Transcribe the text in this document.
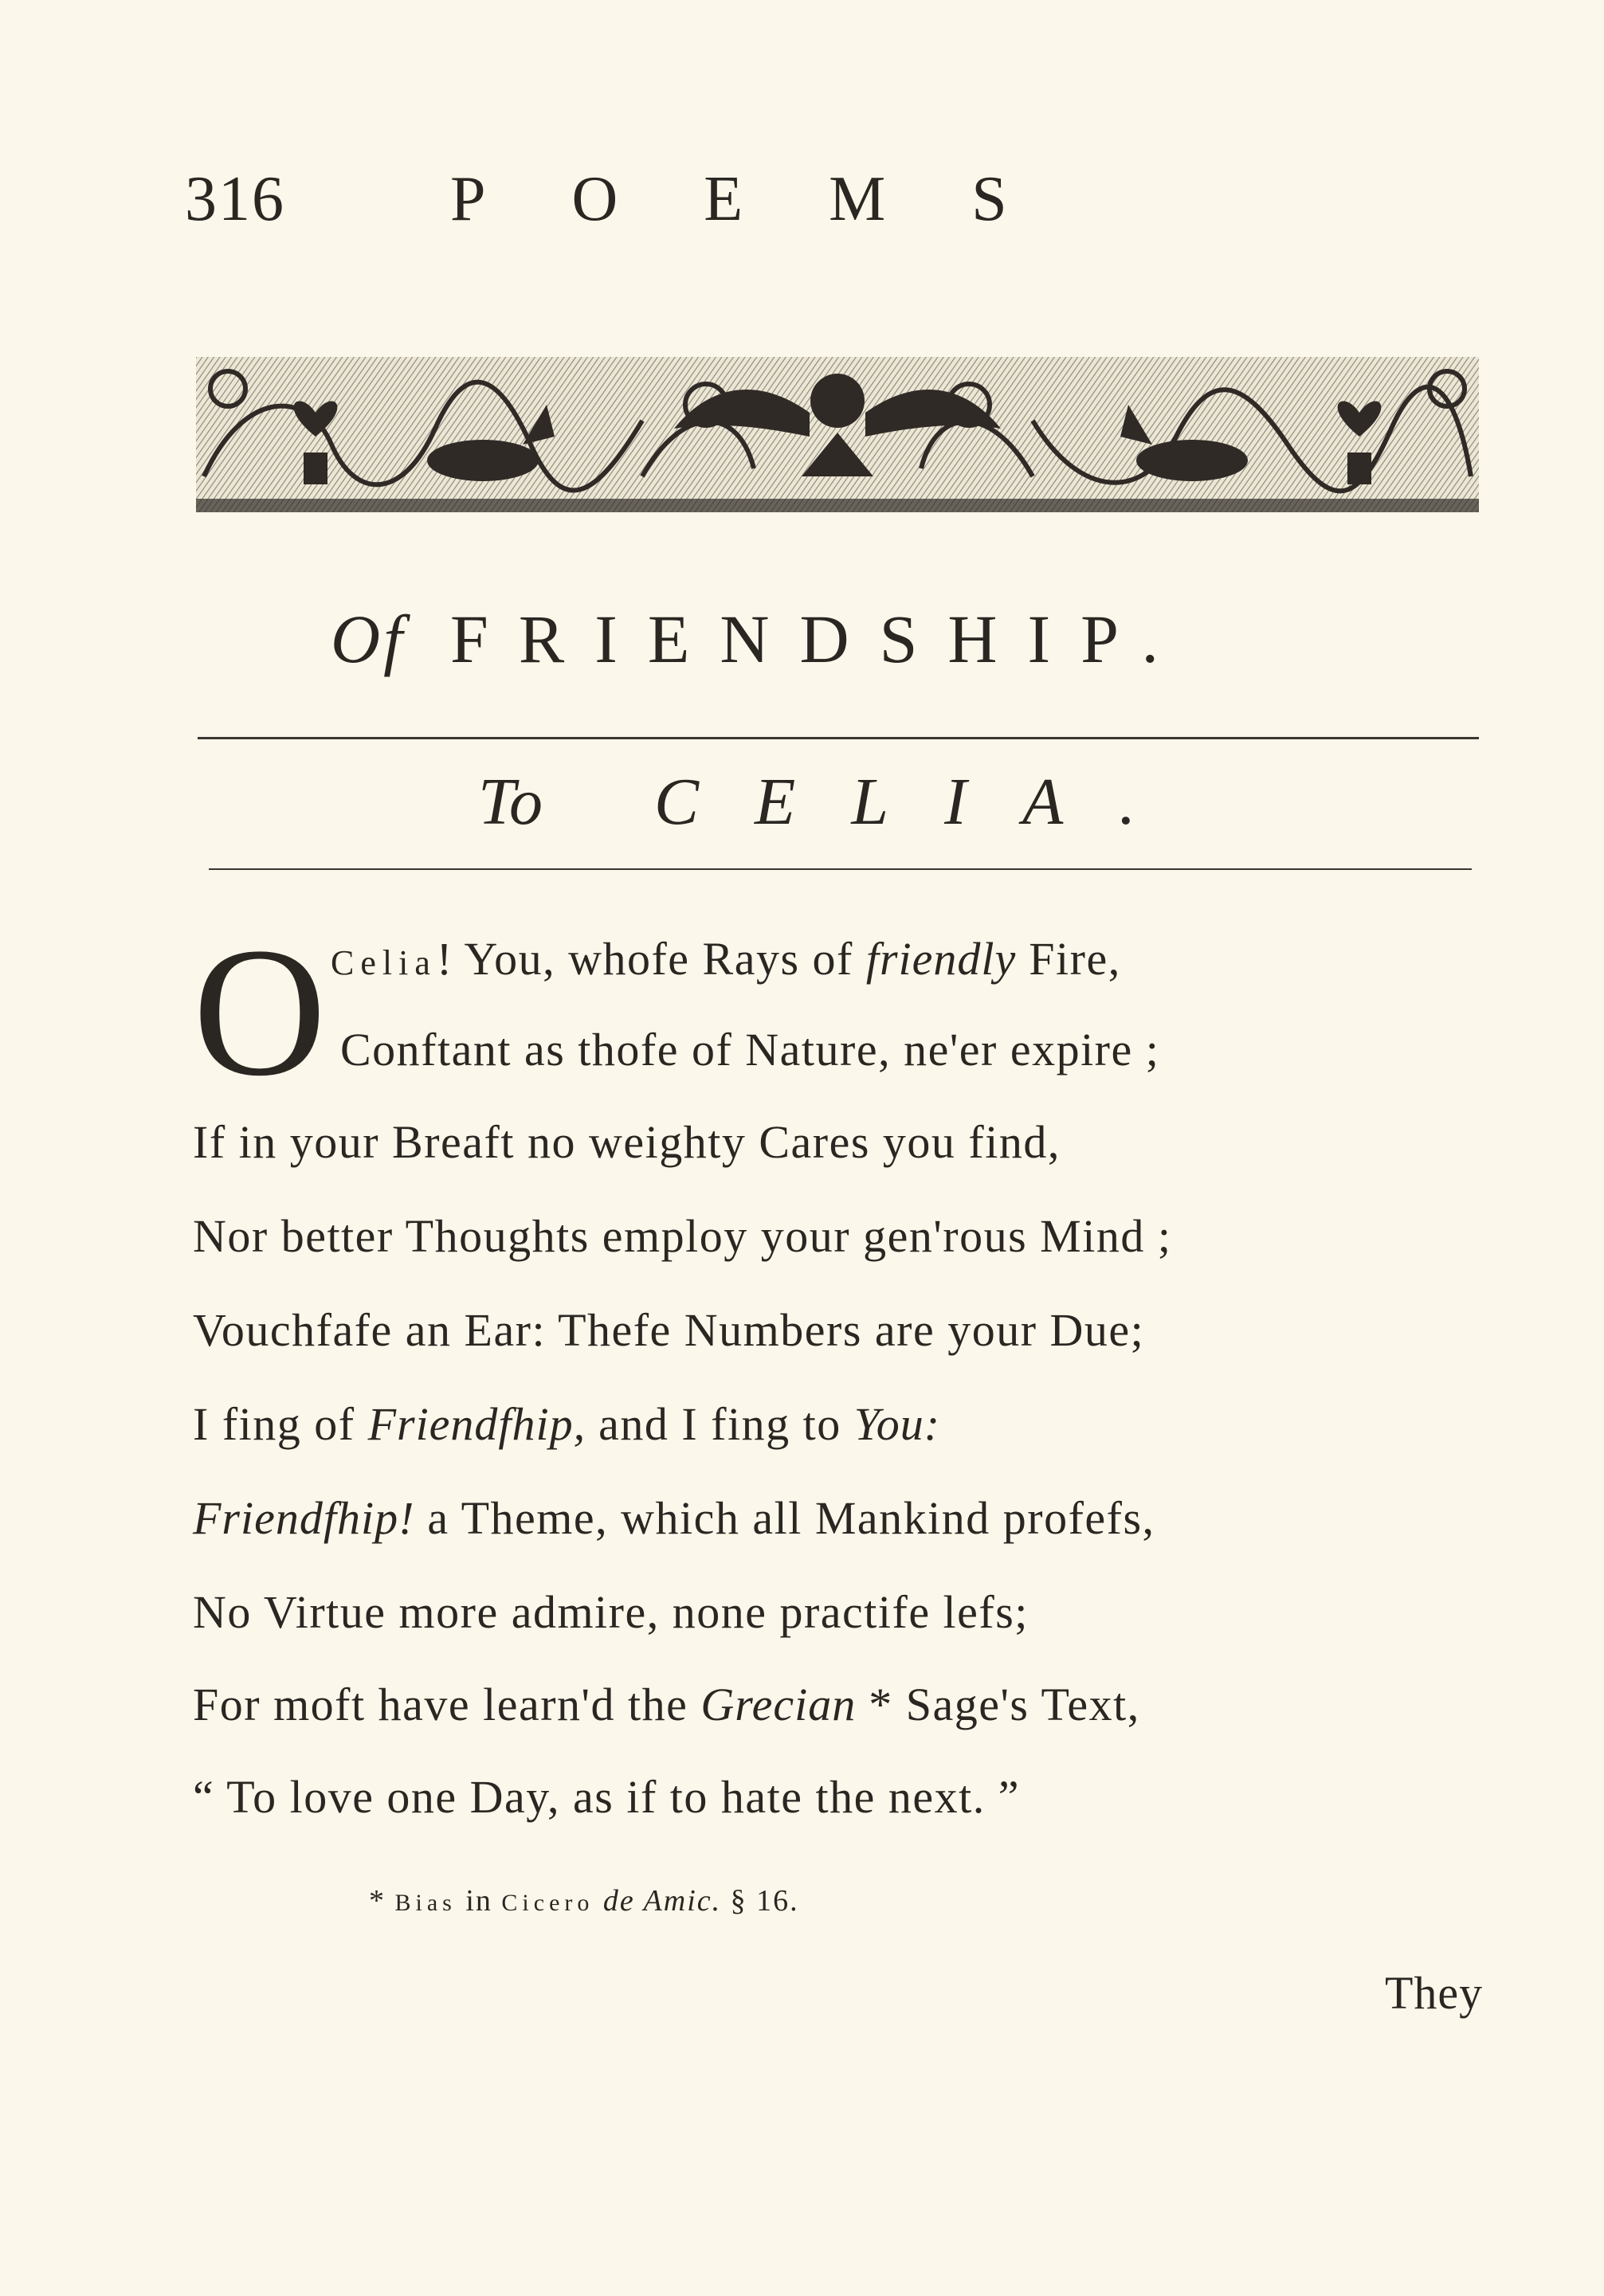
316	POEMS
Of FRIENDSHIP.
To CELIA.
O Celia! You, whofe Rays of friendly Fire,
Conftant as thofe of Nature, ne'er expire ;
If in your Breaft no weighty Cares you find,
Nor better Thoughts employ your gen'rous Mind ;
Vouchfafe an Ear: Thefe Numbers are your Due;
I fing of Friendfhip, and I fing to You:
Friendfhip! a Theme, which all Mankind profefs,
No Virtue more admire, none practife lefs;
For moft have learn'd the Grecian * Sage's Text,
“ To love one Day, as if to hate the next. ”
* Bias in Cicero de Amic. § 16.
They
